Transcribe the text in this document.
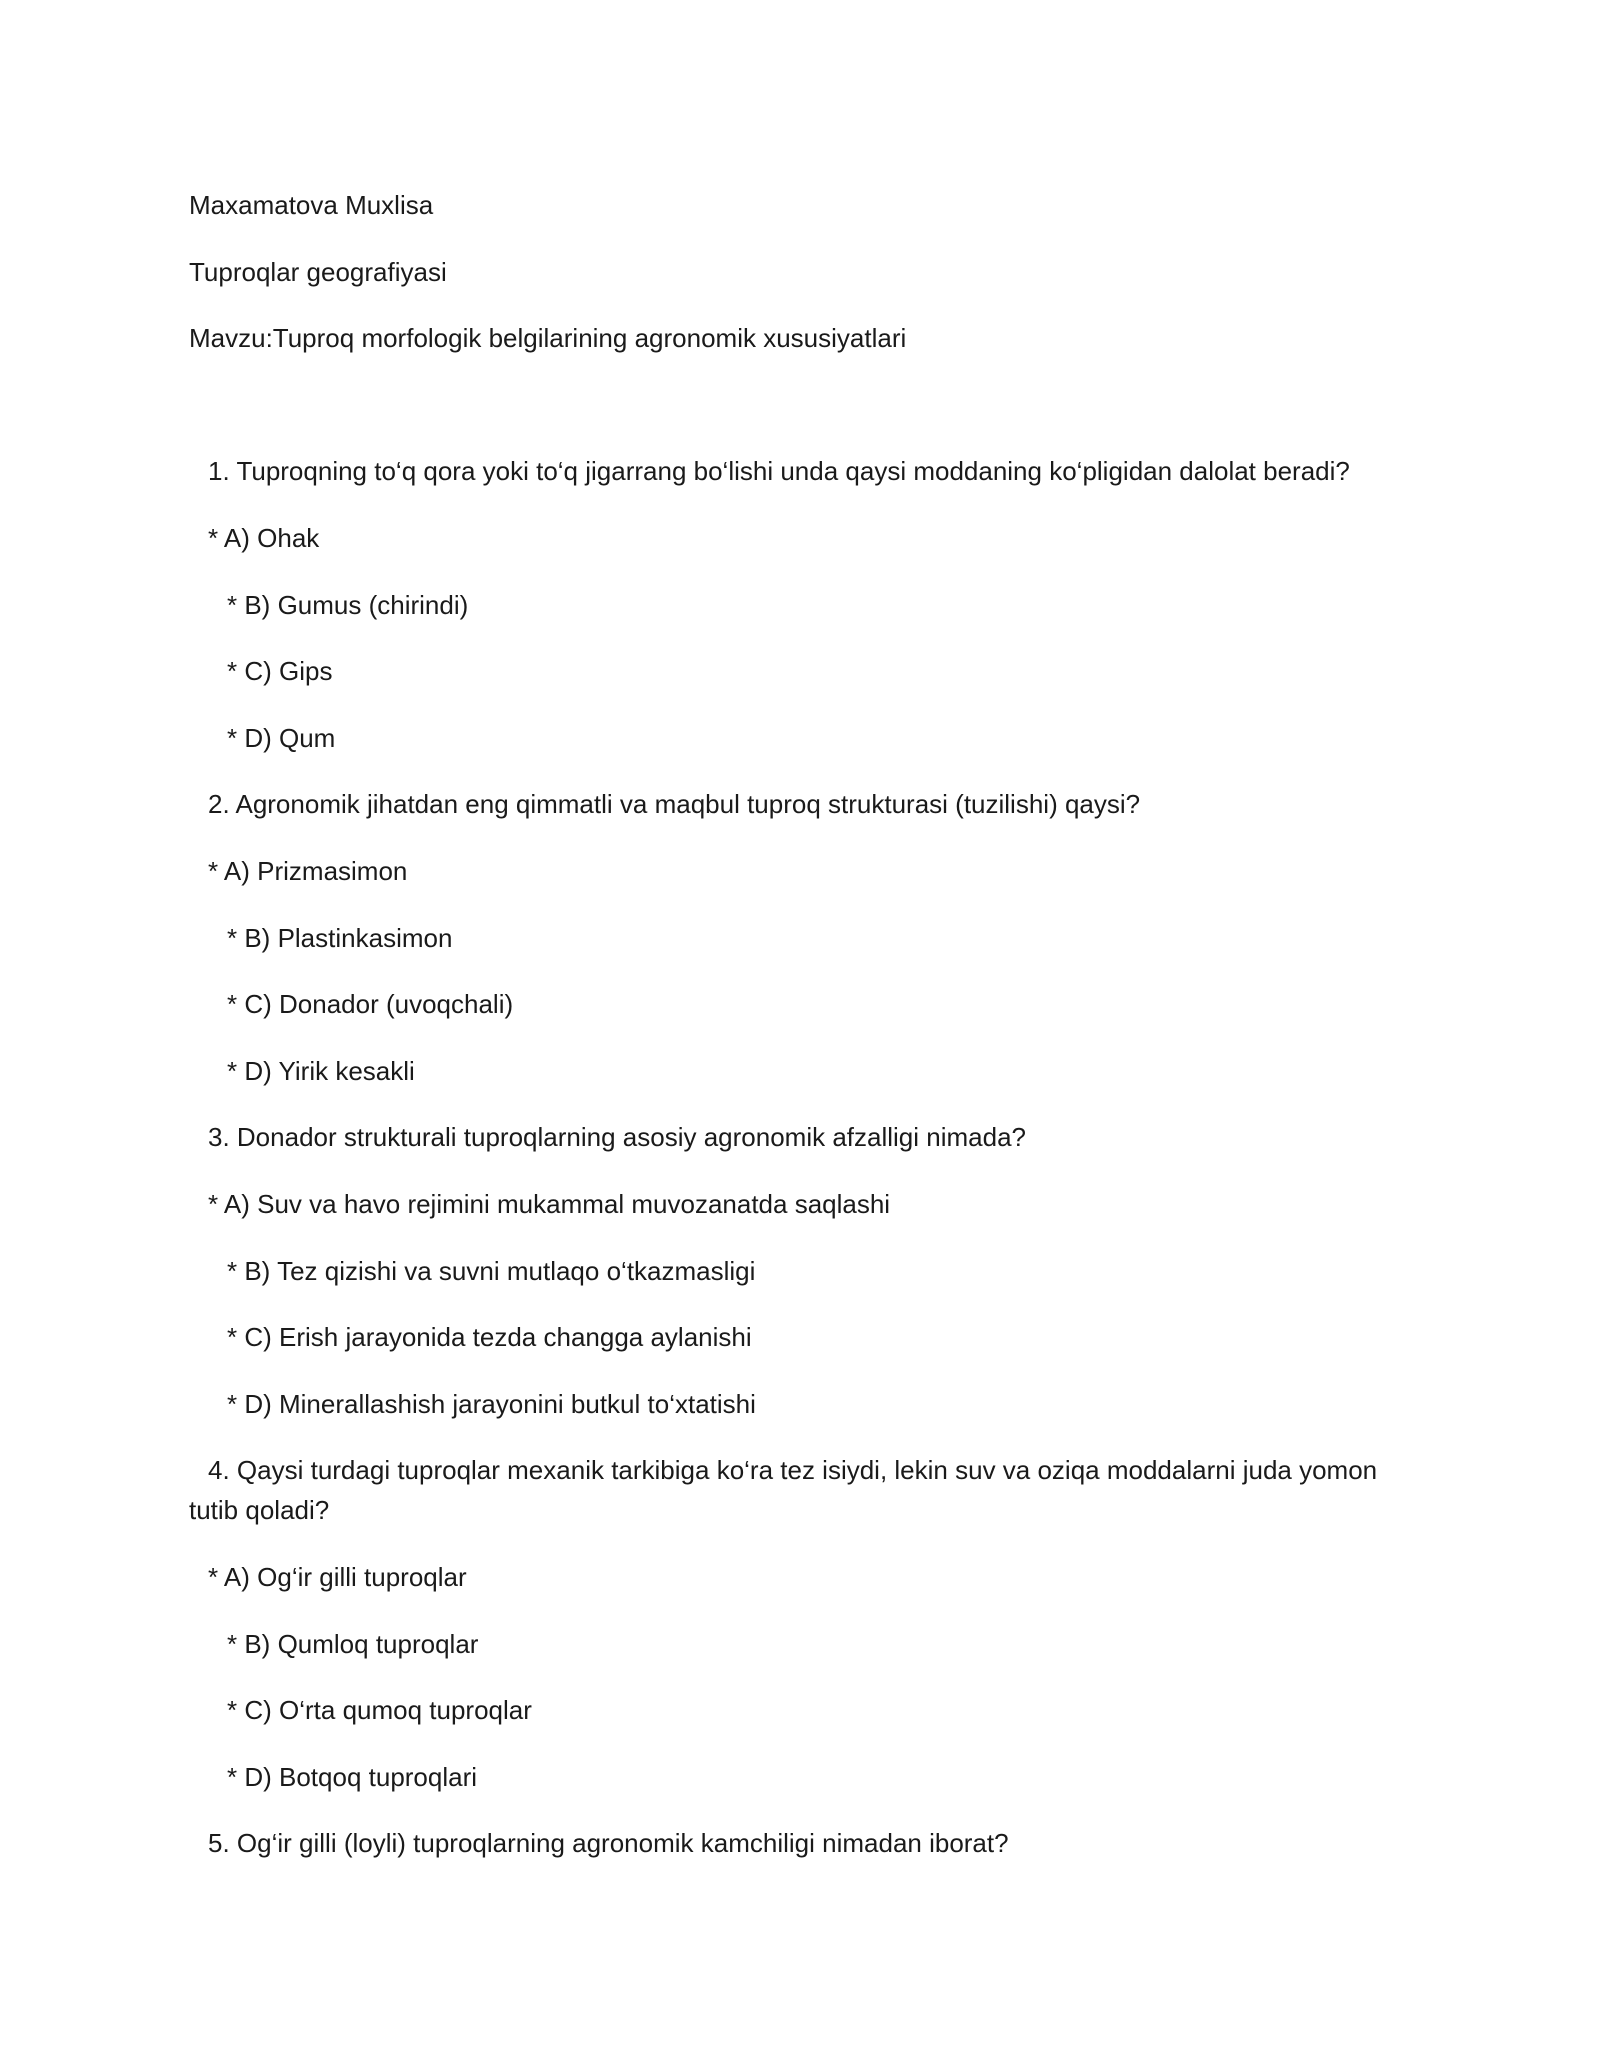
Maxamatova Muxlisa
Tuproqlar geografiyasi
Mavzu:Tuproq morfologik belgilarining agronomik xususiyatlari
1. Tuproqning to‘q qora yoki to‘q jigarrang bo‘lishi unda qaysi moddaning ko‘pligidan dalolat beradi?
* A) Ohak
* B) Gumus (chirindi)
* C) Gips
* D) Qum
2. Agronomik jihatdan eng qimmatli va maqbul tuproq strukturasi (tuzilishi) qaysi?
* A) Prizmasimon
* B) Plastinkasimon
* C) Donador (uvoqchali)
* D) Yirik kesakli
3. Donador strukturali tuproqlarning asosiy agronomik afzalligi nimada?
* A) Suv va havo rejimini mukammal muvozanatda saqlashi
* B) Tez qizishi va suvni mutlaqo o‘tkazmasligi
* C) Erish jarayonida tezda changga aylanishi
* D) Minerallashish jarayonini butkul to‘xtatishi
4. Qaysi turdagi tuproqlar mexanik tarkibiga ko‘ra tez isiydi, lekin suv va oziqa moddalarni juda yomon
tutib qoladi?
* A) Og‘ir gilli tuproqlar
* B) Qumloq tuproqlar
* C) O‘rta qumoq tuproqlar
* D) Botqoq tuproqlari
5. Og‘ir gilli (loyli) tuproqlarning agronomik kamchiligi nimadan iborat?
